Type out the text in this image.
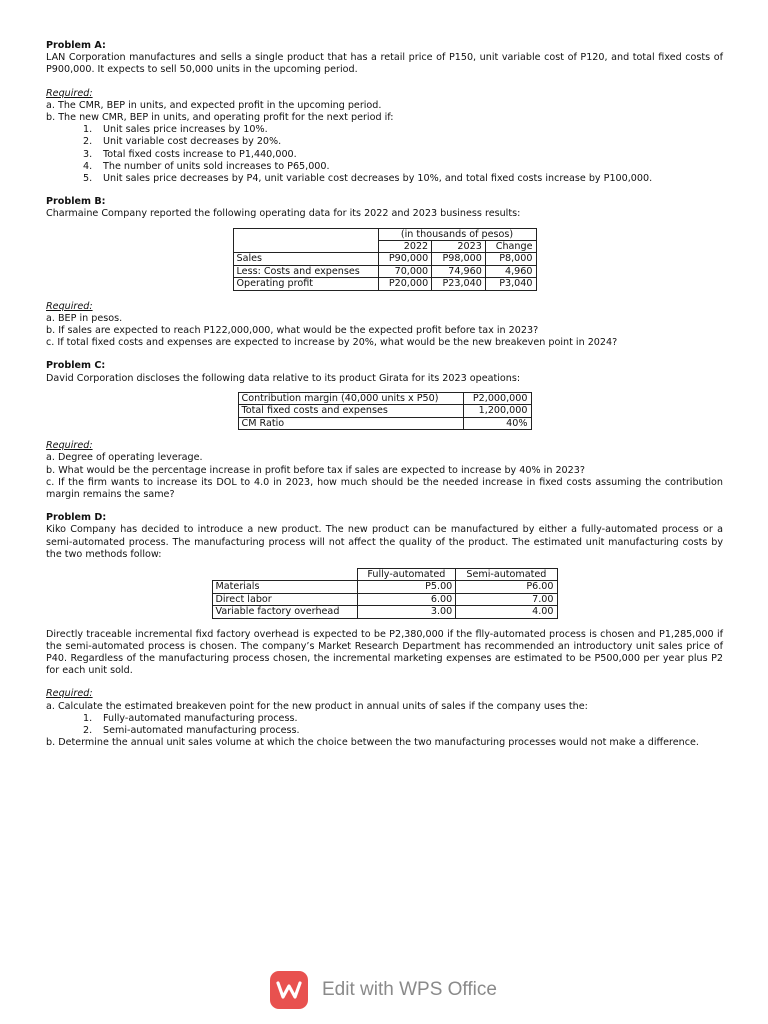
Problem A:
LAN Corporation manufactures and sells a single product that has a retail price of P150, unit variable cost of P120, and total fixed costs of P900,000. It expects to sell 50,000 units in the upcoming period.
Required:
a. The CMR, BEP in units, and expected profit in the upcoming period.
b. The new CMR, BEP in units, and operating profit for the next period if:
1.	Unit sales price increases by 10%.
2.	Unit variable cost decreases by 20%.
3.	Total fixed costs increase to P1,440,000.
4.	The number of units sold increases to P65,000.
5.	Unit sales price decreases by P4, unit variable cost decreases by 10%, and total fixed costs increase by P100,000.
Problem B:
Charmaine Company reported the following operating data for its 2022 and 2023 business results:
	(in thousands of pesos)		
	2022	2023	Change
Sales	P90,000	P98,000	P8,000
Less: Costs and expenses	70,000	74,960	4,960
Operating profit	P20,000	P23,040	P3,040
Required:
a. BEP in pesos.
b. If sales are expected to reach P122,000,000, what would be the expected profit before tax in 2023?
c. If total fixed costs and expenses are expected to increase by 20%, what would be the new breakeven point in 2024?
Problem C:
David Corporation discloses the following data relative to its product Girata for its 2023 opeations:
Contribution margin (40,000 units x P50)	P2,000,000
Total fixed costs and expenses	1,200,000
CM Ratio	40%
Required:
a. Degree of operating leverage.
b. What would be the percentage increase in profit before tax if sales are expected to increase by 40% in 2023?
c. If the firm wants to increase its DOL to 4.0 in 2023, how much should be the needed increase in fixed costs assuming the contribution margin remains the same?
Problem D:
Kiko Company has decided to introduce a new product. The new product can be manufactured by either a fully-automated process or a semi-automated process. The manufacturing process will not affect the quality of the product. The estimated unit manufacturing costs by the two methods follow:
	Fully-automated	Semi-automated
Materials	P5.00	P6.00
Direct labor	6.00	7.00
Variable factory overhead	3.00	4.00
Directly traceable incremental fixd factory overhead is expected to be P2,380,000 if the flly-automated process is chosen and P1,285,000 if the semi-automated process is chosen. The company’s Market Research Department has recommended an introductory unit sales price of P40. Regardless of the manufacturing process chosen, the incremental marketing expenses are estimated to be P500,000 per year plus P2 for each unit sold.
Required:
a. Calculate the estimated breakeven point for the new product in annual units of sales if the company uses the:
1.	Fully-automated manufacturing process.
2.	Semi-automated manufacturing process.
b. Determine the annual unit sales volume at which the choice between the two manufacturing processes would not make a difference.
Edit with WPS Office
